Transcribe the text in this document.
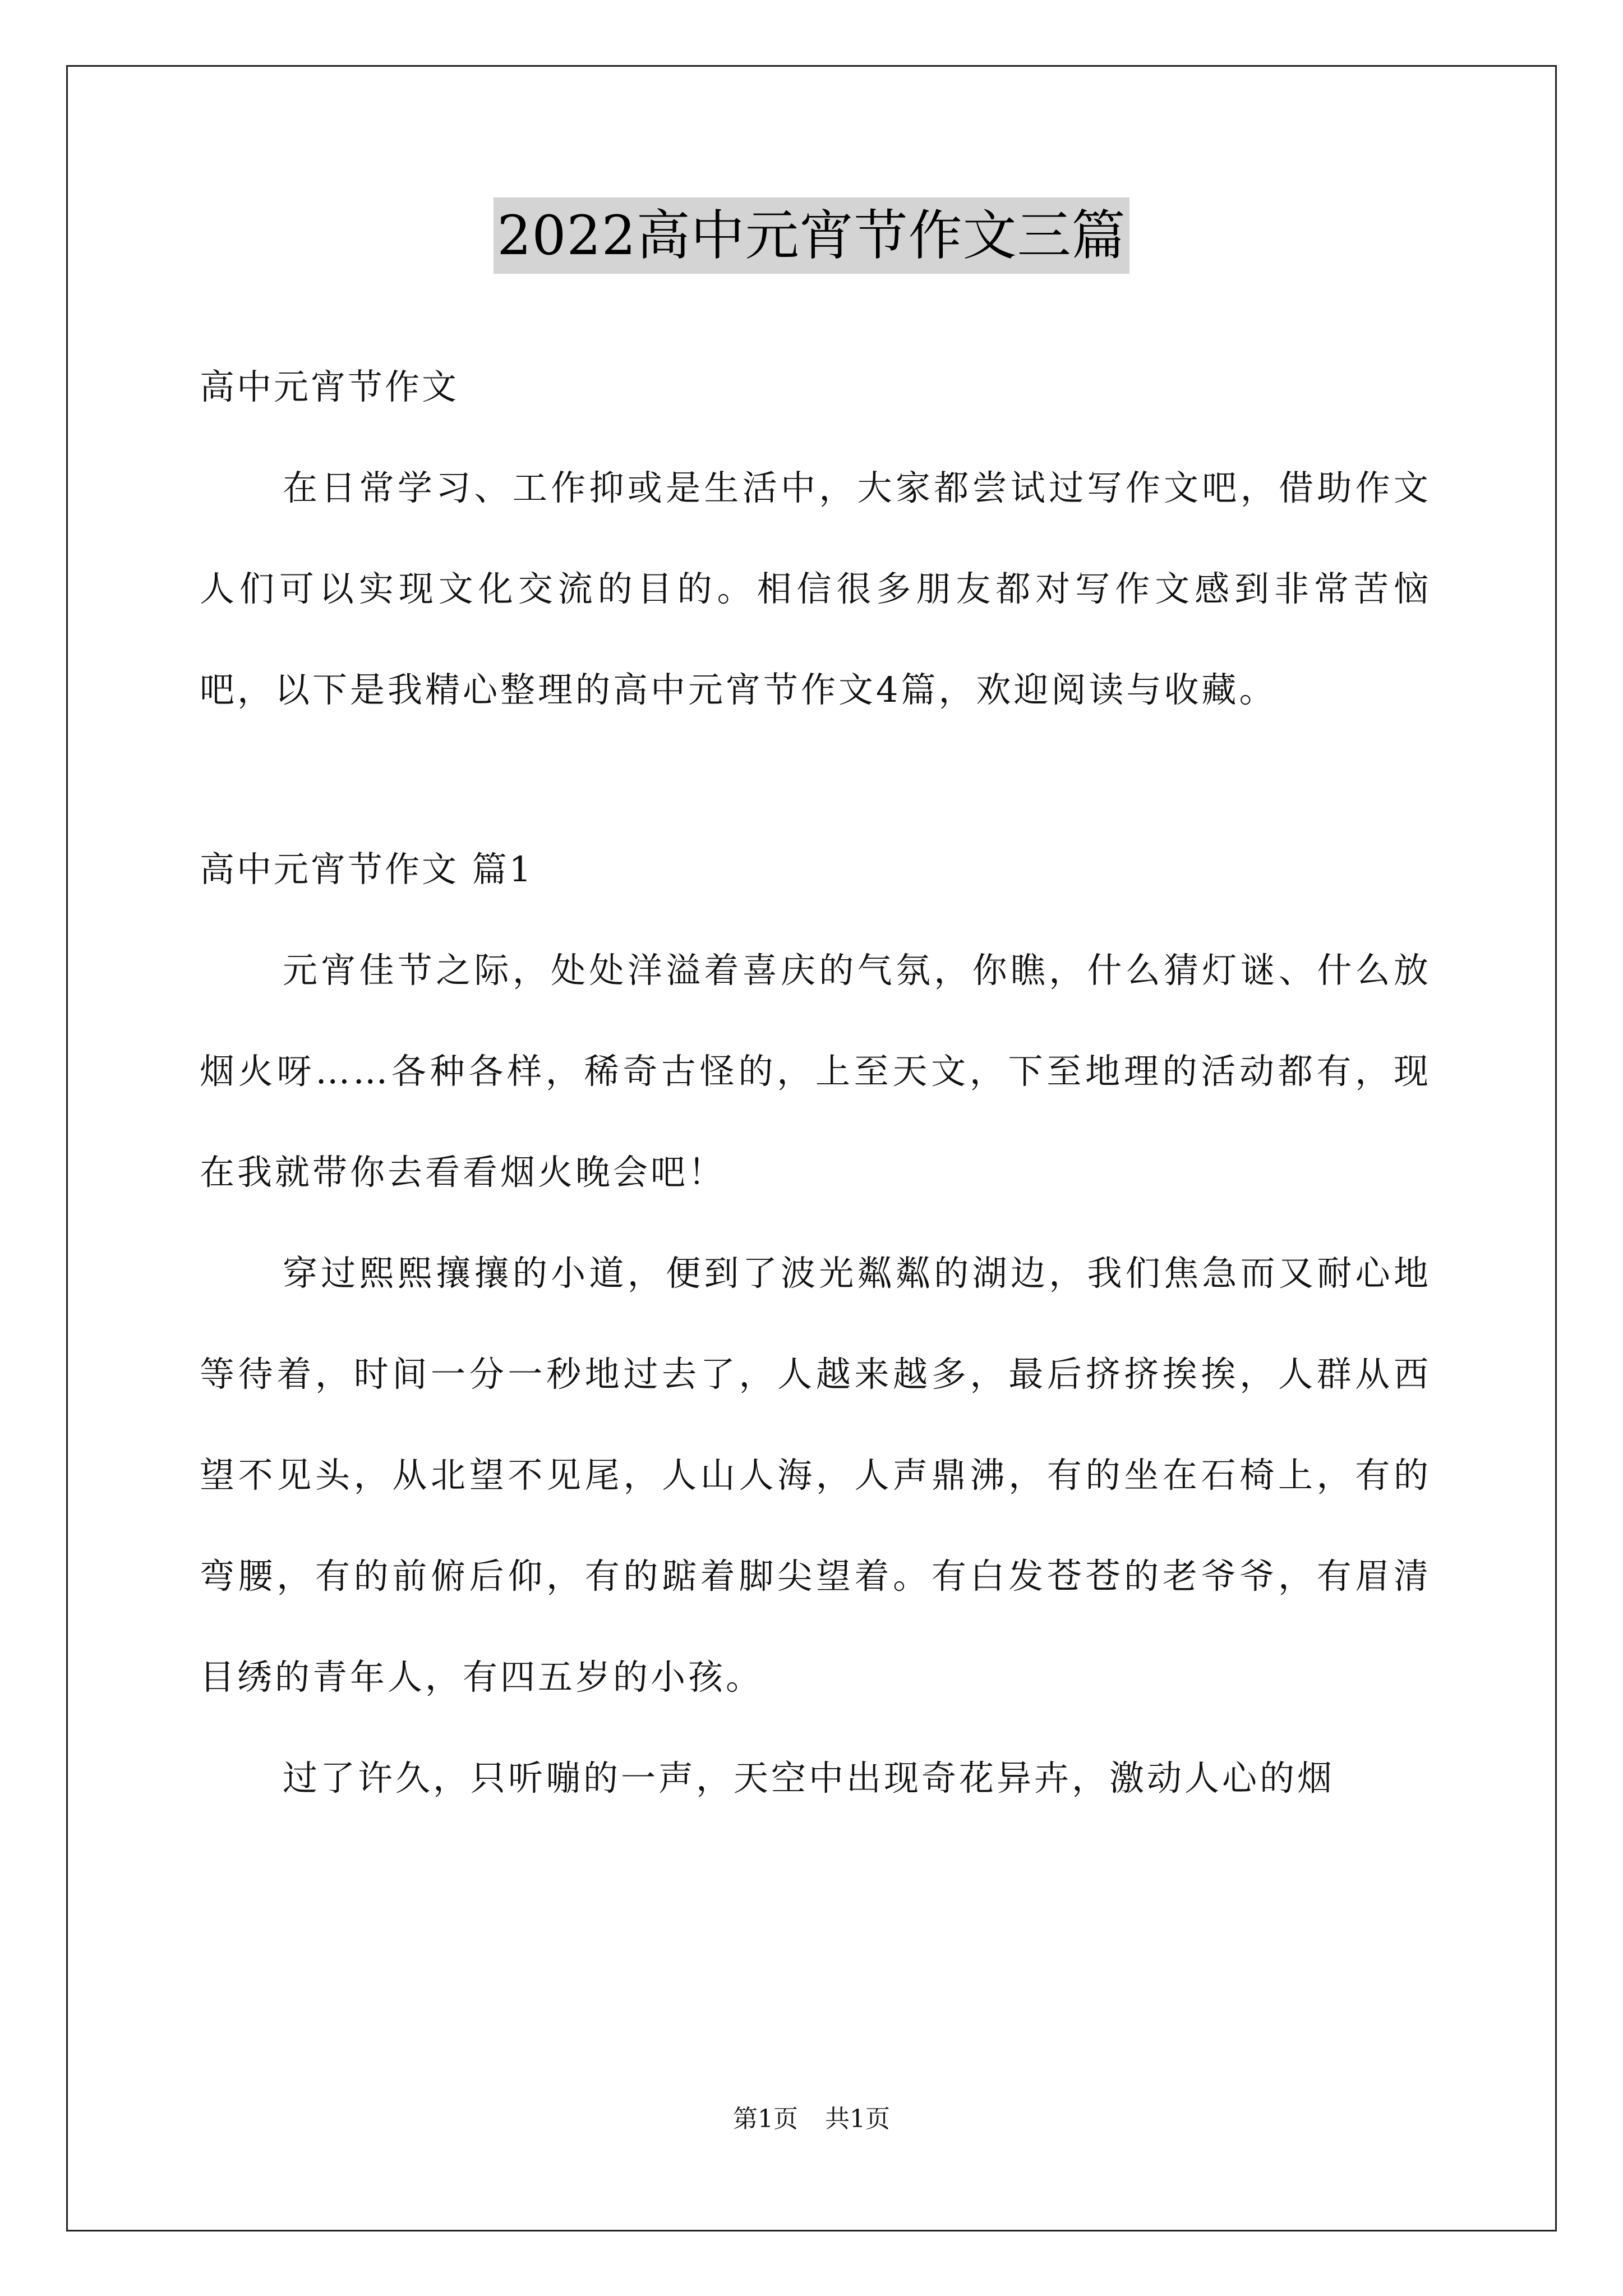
2022高中元宵节作文三篇

高中元宵节作文

在日常学习、工作抑或是生活中，大家都尝试过写作文吧，借助作文人们可以实现文化交流的目的。相信很多朋友都对写作文感到非常苦恼吧，以下是我精心整理的高中元宵节作文4篇，欢迎阅读与收藏。

高中元宵节作文 篇1

元宵佳节之际，处处洋溢着喜庆的气氛，你瞧，什么猜灯谜、什么放烟火呀……各种各样，稀奇古怪的，上至天文，下至地理的活动都有，现在我就带你去看看烟火晚会吧！

穿过熙熙攘攘的小道，便到了波光粼粼的湖边，我们焦急而又耐心地等待着，时间一分一秒地过去了，人越来越多，最后挤挤挨挨，人群从西望不见头，从北望不见尾，人山人海，人声鼎沸，有的坐在石椅上，有的弯腰，有的前俯后仰，有的踮着脚尖望着。有白发苍苍的老爷爷，有眉清目绣的青年人，有四五岁的小孩。

过了许久，只听嘣的一声，天空中出现奇花异卉，激动人心的烟

第1页 共1页
